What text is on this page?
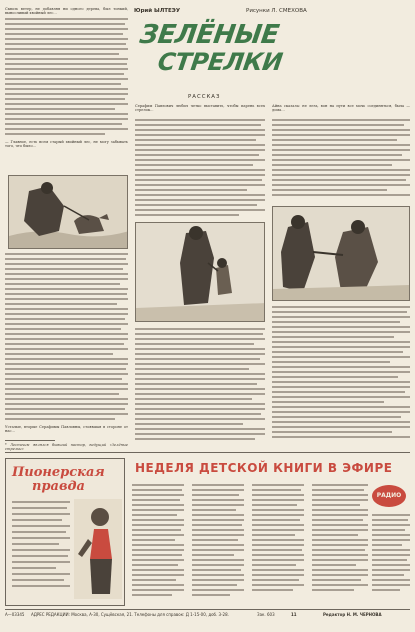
Юрий ЫЛТЕЭУ	Рисунки Л. СМЕХОВА
ЗЕЛЁНЫЕ
СТРЕЛКИ
РАССКАЗ
Сквозь ветер, не добавляя ни одного дерева, был тонкий, выносливый хвойный лес...
— Главное, есть всем старый хвойный лес, не могу забывать того, что было...
Усталые, вторые Серафимы Павловны, стоявшая в стороне от нас...
* Лесничим являлся бывший пастор, ведущий «Зелёные стрелки»
Серафим Павлович любил четко выставить, чтобы парень всех стрелок...
Айна сказала: не лезь, вон на пути все мочь соединяться, была — дома...
Пионерская
правда
НЕДЕЛЯ ДЕТСКОЙ КНИГИ В ЭФИРЕ
РАДИО
А—03345 АДРЕС РЕДАКЦИИ: Москва, А-30, Сущёвская, 21. Телефоны для справок: Д 1-15-00, доб. 3-28.	Зак. 603	11	Редактор Н. М. ЧЕРНОВА
